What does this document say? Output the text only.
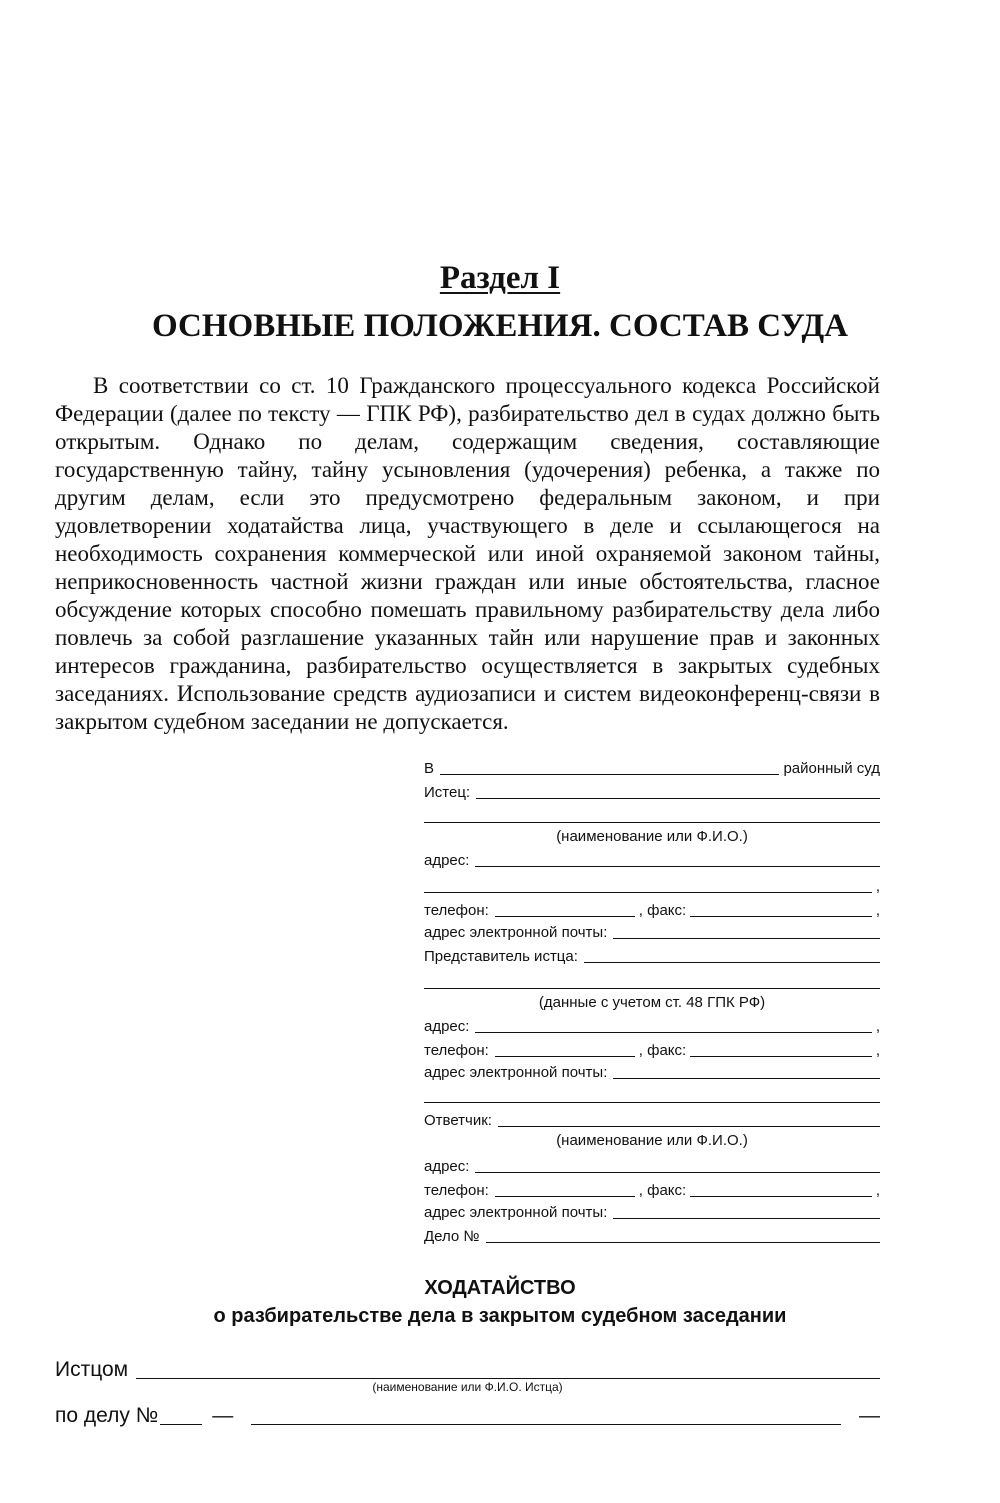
Раздел I
ОСНОВНЫЕ ПОЛОЖЕНИЯ. СОСТАВ СУДА

В соответствии со ст. 10 Гражданского процессуального кодекса Российской Федерации (далее по тексту — ГПК РФ), разбирательство дел в судах должно быть открытым. Однако по делам, содержащим сведения, составляющие государственную тайну, тайну усыновления (удочерения) ребенка, а также по другим делам, если это предусмотрено федеральным законом, и при удовлетворении ходатайства лица, участвующего в деле и ссылающегося на необходимость сохранения коммерческой или иной охраняемой законом тайны, неприкосновенность частной жизни граждан или иные обстоятельства, гласное обсуждение которых способно помешать правильному разбирательству дела либо повлечь за собой разглашение указанных тайн или нарушение прав и законных интересов гражданина, разбирательство осуществляется в закрытых судебных заседаниях. Использование средств аудиозаписи и систем видеоконференц-связи в закрытом судебном заседании не допускается.

В	районный суд
Истец:
(наименование или Ф.И.О.)
адрес:
,
телефон:	, факс:	,
адрес электронной почты:
Представитель истца:
(данные с учетом ст. 48 ГПК РФ)
адрес:	,
телефон:	, факс:	,
адрес электронной почты:
Ответчик:
(наименование или Ф.И.О.)
адрес:
телефон:	, факс:	,
адрес электронной почты:
Дело №
ХОДАТАЙСТВО
о разбирательстве дела в закрытом судебном заседании
Истцом
(наименование или Ф.И.О. Истца)
по делу №	—	—
